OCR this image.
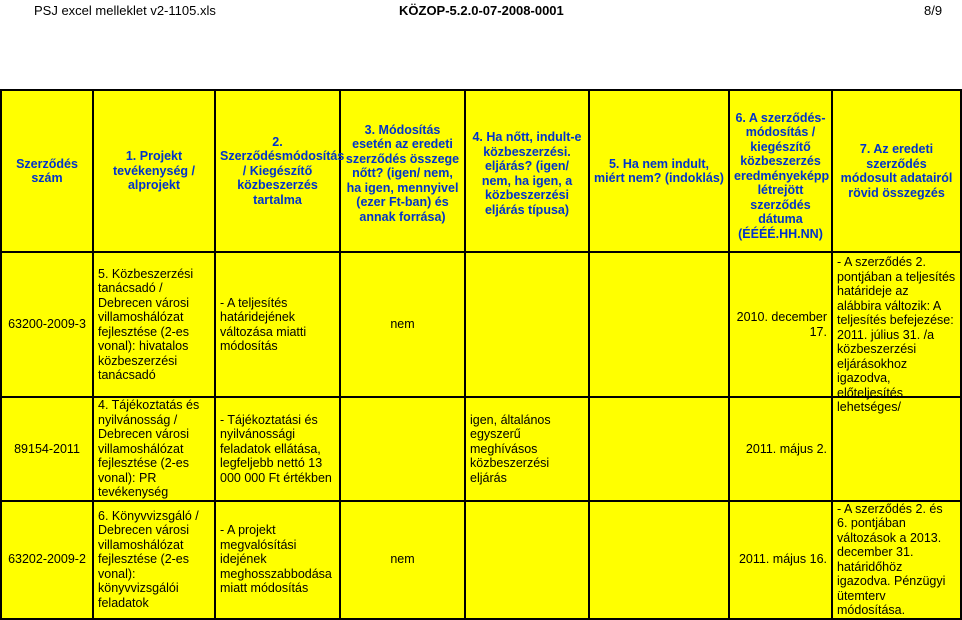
PSJ excel melleklet v2-1105.xls	KÖZOP-5.2.0-07-2008-0001	8/9
Szerződés szám	1. Projekt tevékenység / alprojekt	2. Szerződésmódosítás / Kiegészítő közbeszerzés tartalma	3. Módosítás esetén az eredeti szerződés összege nőtt? (igen/ nem, ha igen, mennyivel (ezer Ft-ban) és annak forrása)	4. Ha nőtt, indult-e közbeszerzési. eljárás? (igen/ nem, ha igen, a közbeszerzési eljárás típusa)	5. Ha nem indult, miért nem? (indoklás)	6. A szerződés-módosítás / kiegészítő közbeszerzés eredményeképp létrejött szerződés dátuma (ÉÉÉÉ.HH.NN)	7. Az eredeti szerződés módosult adatairól rövid összegzés
63200-2009-3	5. Közbeszerzési tanácsadó / Debrecen városi villamoshálózat fejlesztése (2-es vonal): hivatalos közbeszerzési tanácsadó	- A teljesítés határidejének változása miatti módosítás	nem			2010. december 17.	- A szerződés 2. pontjában a teljesítés határideje az alábbira változik: A teljesítés befejezése: 2011. július 31. /a közbeszerzési eljárásokhoz igazodva, előteljesítés lehetséges/

89154-2011	4. Tájékoztatás és nyilvánosság / Debrecen városi villamoshálózat fejlesztése (2-es vonal): PR tevékenység	- Tájékoztatási és nyilvánossági feladatok ellátása, legfeljebb nettó 13 000 000 Ft értékben		igen, általános egyszerű meghívásos közbeszerzési eljárás		2011. május 2.	
63202-2009-2	6. Könyvvizsgáló / Debrecen városi villamoshálózat fejlesztése (2-es vonal): könyvvizsgálói feladatok	- A projekt megvalósítási idejének meghosszabbodása miatt módosítás	nem			2011. május 16.	- A szerződés 2. és 6. pontjában változások a 2013. december 31. határidőhöz igazodva. Pénzügyi ütemterv módosítása.
